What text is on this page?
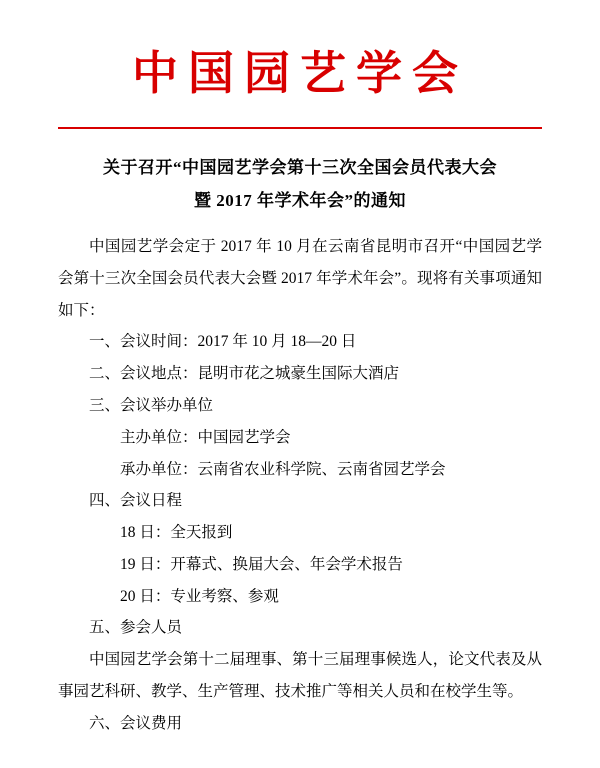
中国园艺学会
关于召开“中国园艺学会第十三次全国会员代表大会
暨 2017 年学术年会”的通知

中国园艺学会定于 2017 年 10 月在云南省昆明市召开“中国园艺学会第十三次全国会员代表大会暨 2017 年学术年会”。现将有关事项通知如下：

一、会议时间：2017 年 10 月 18—20 日

二、会议地点：昆明市花之城豪生国际大酒店

三、会议举办单位

主办单位：中国园艺学会

承办单位：云南省农业科学院、云南省园艺学会

四、会议日程

18 日：全天报到

19 日：开幕式、换届大会、年会学术报告

20 日：专业考察、参观

五、参会人员

中国园艺学会第十二届理事、第十三届理事候选人，论文代表及从事园艺科研、教学、生产管理、技术推广等相关人员和在校学生等。

六、会议费用
